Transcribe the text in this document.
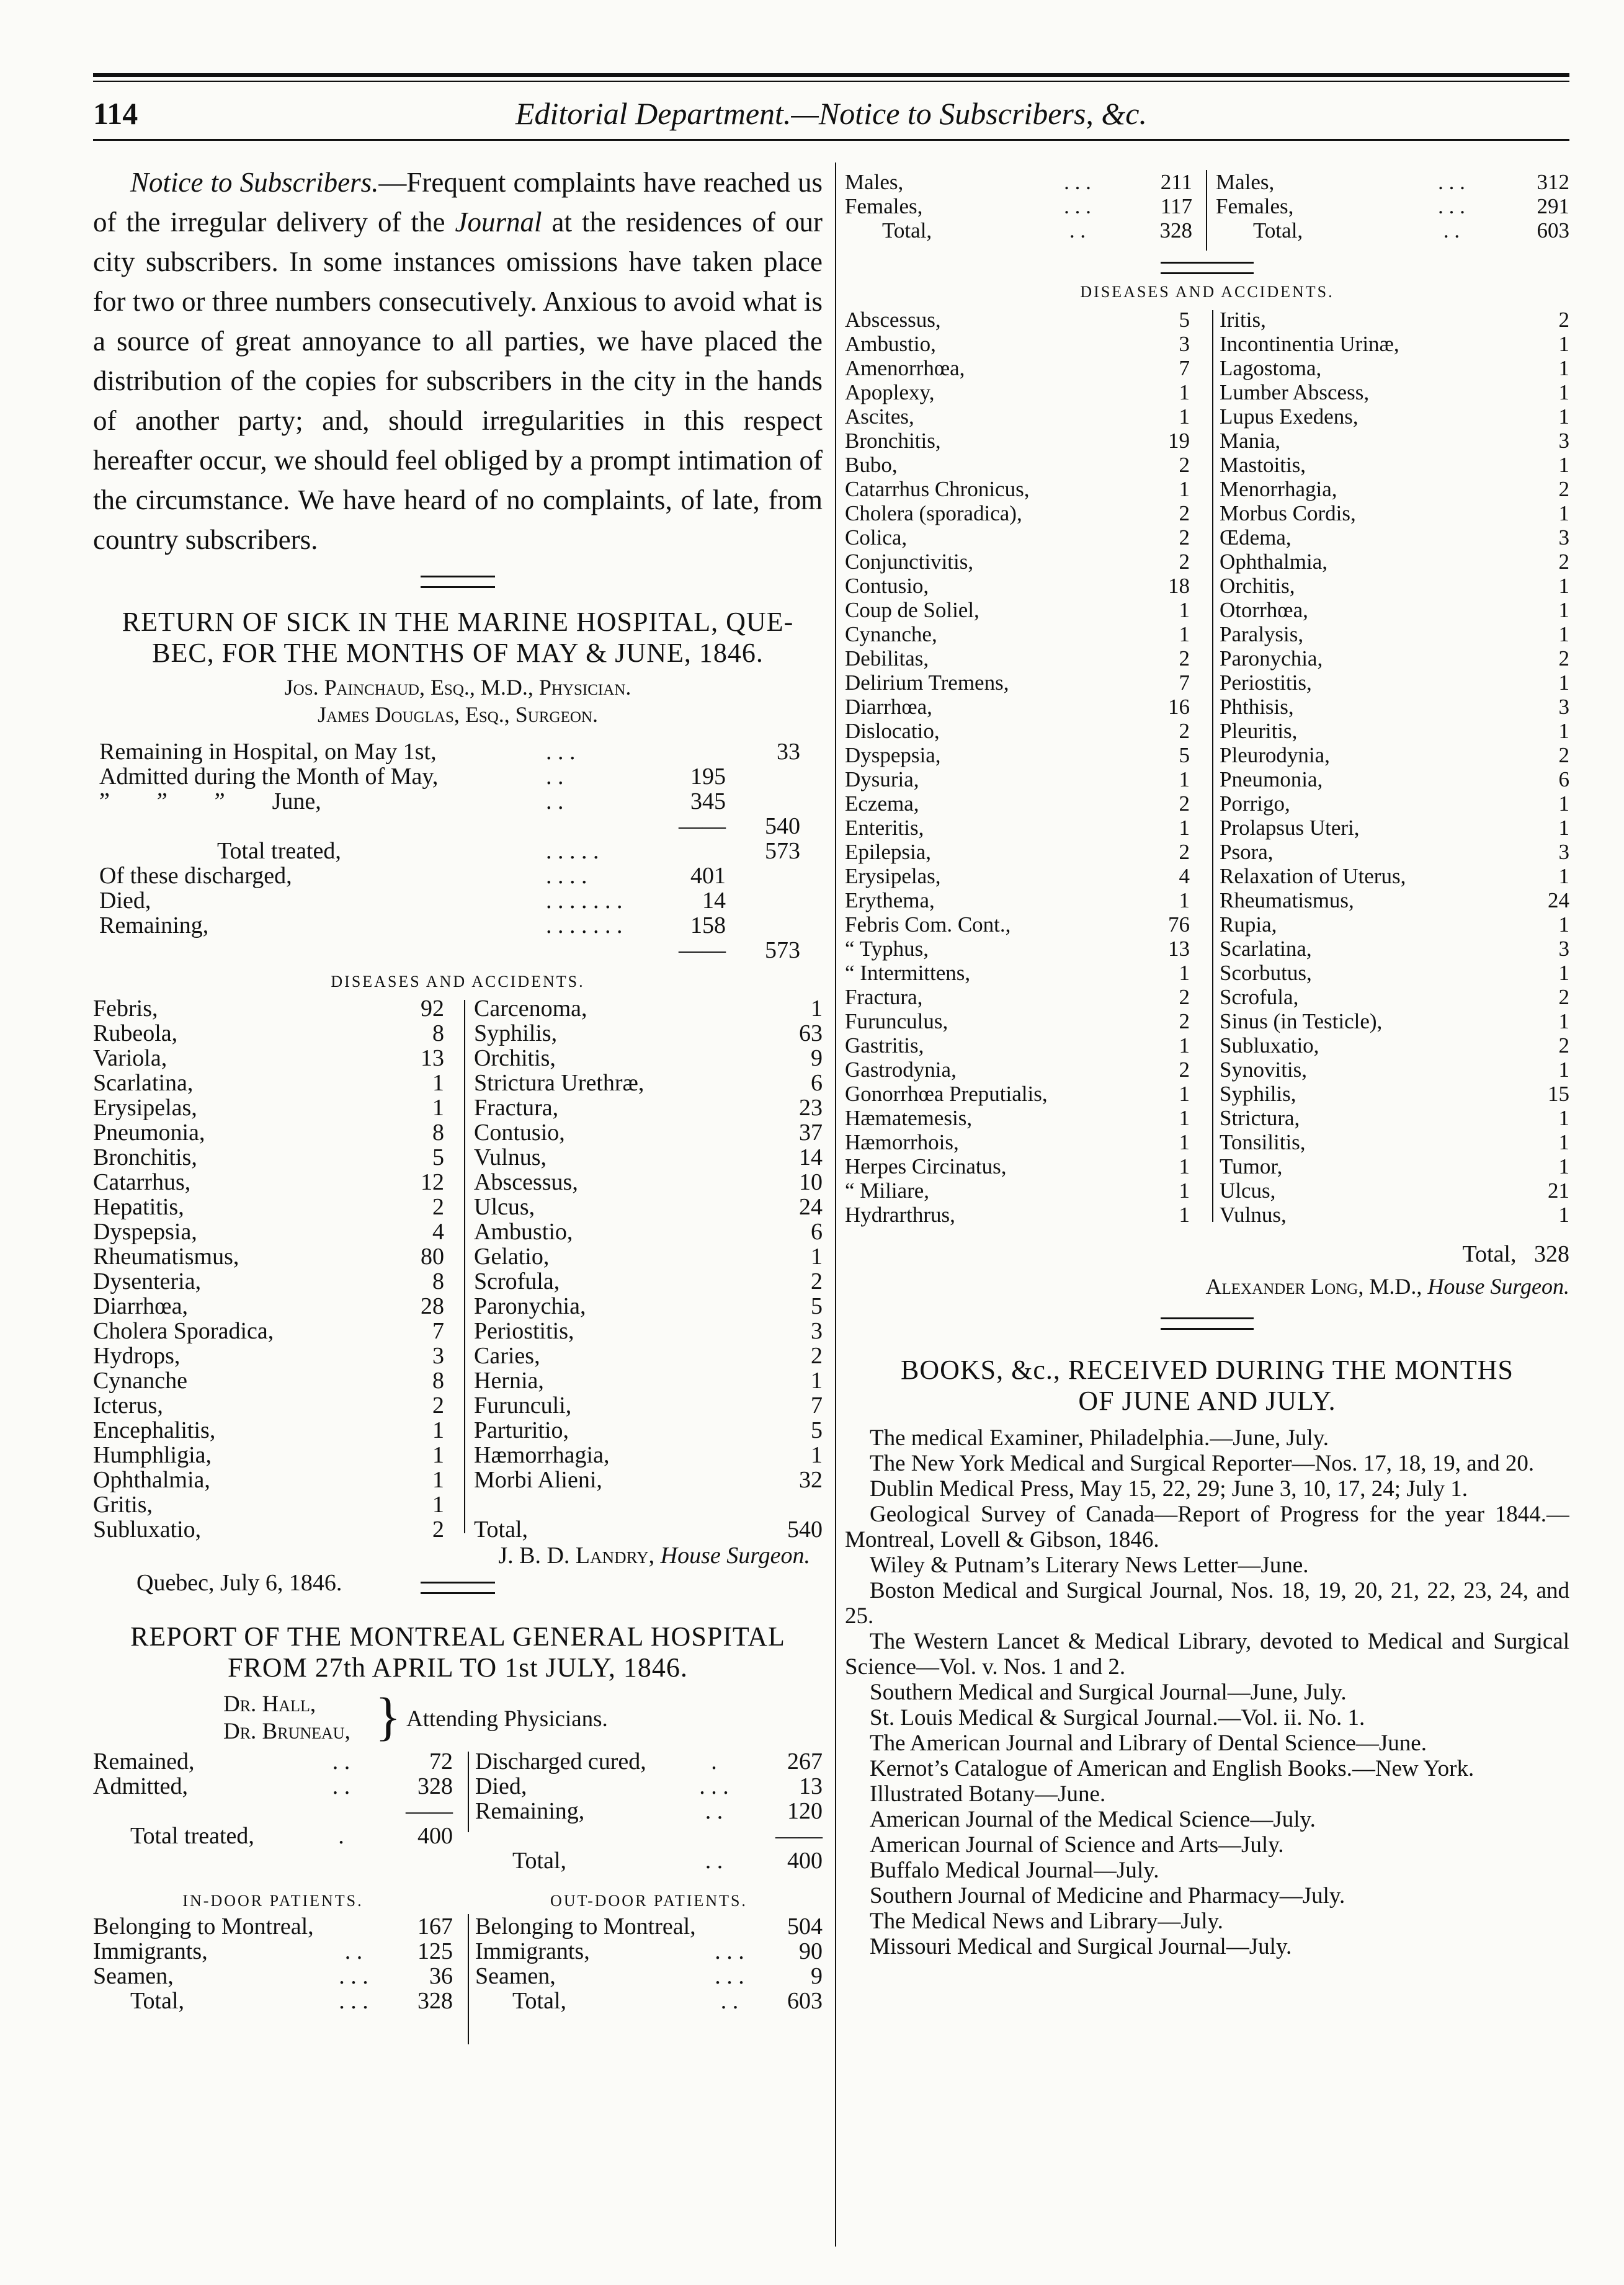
114	Editorial Department.—Notice to Subscribers, &c.
Notice to Subscribers.—Frequent complaints have reached us of the irregular delivery of the Journal at the residences of our city subscribers. In some instances omissions have taken place for two or three numbers consecutively. Anxious to avoid what is a source of great annoyance to all parties, we have placed the distribution of the copies for subscribers in the city in the hands of another party; and, should irregularities in this respect hereafter occur, we should feel obliged by a prompt intimation of the circumstance. We have heard of no complaints, of late, from country subscribers.
RETURN OF SICK IN THE MARINE HOSPITAL, QUE-
BEC, FOR THE MONTHS OF MAY & JUNE, 1846.
Jos. Painchaud, Esq., M.D., Physician.
James Douglas, Esq., Surgeon.
Remaining in Hospital, on May 1st,	. . .		33
Admitted during the Month of May,	. .	195	
”        ”        ”        June,	. .	345	
		——	540
Total treated,	. . . . .		573
Of these discharged,	. . . .	401	
Died,	. . . . . . .	14	
Remaining,	. . . . . . .	158	
		——	573
DISEASES AND ACCIDENTS.
Febris,	92	Carcenoma,	1
Rubeola,	8	Syphilis,	63
Variola,	13	Orchitis,	9
Scarlatina,	1	Strictura Urethræ,	6
Erysipelas,	1	Fractura,	23
Pneumonia,	8	Contusio,	37
Bronchitis,	5	Vulnus,	14
Catarrhus,	12	Abscessus,	10
Hepatitis,	2	Ulcus,	24
Dyspepsia,	4	Ambustio,	6
Rheumatismus,	80	Gelatio,	1
Dysenteria,	8	Scrofula,	2
Diarrhœa,	28	Paronychia,	5
Cholera Sporadica,	7	Periostitis,	3
Hydrops,	3	Caries,	2
Cynanche	8	Hernia,	1
Icterus,	2	Furunculi,	7
Encephalitis,	1	Parturitio,	5
Humphligia,	1	Hæmorrhagia,	1
Ophthalmia,	1	Morbi Alieni,	32
Gritis,	1		
Subluxatio,	2	Total,	540
J. B. D. Landry, House Surgeon.
Quebec, July 6, 1846.
REPORT OF THE MONTREAL GENERAL HOSPITAL
FROM 27th APRIL TO 1st JULY, 1846.
Dr. Hall,
Dr. Bruneau, } Attending Physicians.
Remained,	. .	72
Admitted,	. .	328
		——
Total treated,	.	400
Discharged cured,	.	267
Died,	. . .	13
Remaining,	. .	120
		——
Total,	. .	400
IN-DOOR PATIENTS.	OUT-DOOR PATIENTS.
Belonging to Montreal,		167
Immigrants,	. .	125
Seamen,	. . .	36

Total,	. . .	328
Belonging to Montreal,		504
Immigrants,	. . .	90
Seamen,	. . .	9

Total,	. .	603
Males,	. . .	211
Females,	. . .	117
Total,	. .	328
Males,	. . .	312
Females,	. . .	291
Total,	. .	603
DISEASES AND ACCIDENTS.
Abscessus,	5	Iritis,	2
Ambustio,	3	Incontinentia Urinæ,	1
Amenorrhœa,	7	Lagostoma,	1
Apoplexy,	1	Lumber Abscess,	1
Ascites,	1	Lupus Exedens,	1
Bronchitis,	19	Mania,	3
Bubo,	2	Mastoitis,	1
Catarrhus Chronicus,	1	Menorrhagia,	2
Cholera (sporadica),	2	Morbus Cordis,	1
Colica,	2	Œdema,	3
Conjunctivitis,	2	Ophthalmia,	2
Contusio,	18	Orchitis,	1
Coup de Soliel,	1	Otorrhœa,	1
Cynanche,	1	Paralysis,	1
Debilitas,	2	Paronychia,	2
Delirium Tremens,	7	Periostitis,	1
Diarrhœa,	16	Phthisis,	3
Dislocatio,	2	Pleuritis,	1
Dyspepsia,	5	Pleurodynia,	2
Dysuria,	1	Pneumonia,	6
Eczema,	2	Porrigo,	1
Enteritis,	1	Prolapsus Uteri,	1
Epilepsia,	2	Psora,	3
Erysipelas,	4	Relaxation of Uterus,	1
Erythema,	1	Rheumatismus,	24
Febris Com. Cont.,	76	Rupia,	1
“ Typhus,	13	Scarlatina,	3
“ Intermittens,	1	Scorbutus,	1
Fractura,	2	Scrofula,	2
Furunculus,	2	Sinus (in Testicle),	1
Gastritis,	1	Subluxatio,	2
Gastrodynia,	2	Synovitis,	1
Gonorrhœa Preputialis,	1	Syphilis,	15
Hæmatemesis,	1	Strictura,	1
Hæmorrhois,	1	Tonsilitis,	1
Herpes Circinatus,	1	Tumor,	1
“ Miliare,	1	Ulcus,	21
Hydrarthrus,	1	Vulnus,	1
Total, 328
Alexander Long, M.D., House Surgeon.
BOOKS, &c., RECEIVED DURING THE MONTHS
OF JUNE AND JULY.
The medical Examiner, Philadelphia.—June, July.
The New York Medical and Surgical Reporter—Nos. 17, 18, 19, and 20.
Dublin Medical Press, May 15, 22, 29; June 3, 10, 17, 24; July 1.
Geological Survey of Canada—Report of Progress for the year 1844.—Montreal, Lovell & Gibson, 1846.
Wiley & Putnam’s Literary News Letter—June.
Boston Medical and Surgical Journal, Nos. 18, 19, 20, 21, 22, 23, 24, and 25.
The Western Lancet & Medical Library, devoted to Medical and Surgical Science—Vol. v. Nos. 1 and 2.
Southern Medical and Surgical Journal—June, July.
St. Louis Medical & Surgical Journal.—Vol. ii. No. 1.
The American Journal and Library of Dental Science—June.
Kernot’s Catalogue of American and English Books.—New York.
Illustrated Botany—June.
American Journal of the Medical Science—July.
American Journal of Science and Arts—July.
Buffalo Medical Journal—July.
Southern Journal of Medicine and Pharmacy—July.
The Medical News and Library—July.
Missouri Medical and Surgical Journal—July.
